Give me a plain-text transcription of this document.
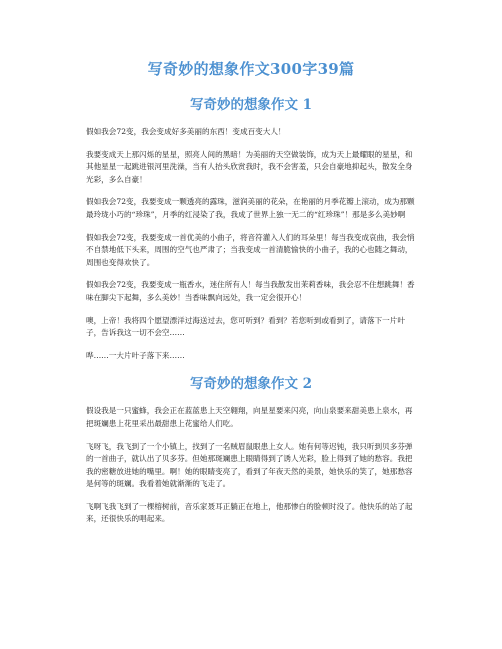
写奇妙的想象作文300字39篇
写奇妙的想象作文 1

假如我会72变，我会变成好多美丽的东西！变成百变大人！

我要变成天上那闪烁的星星，照亮人间的黑暗！为美丽的天空做装饰，成为天上最耀眼的星星，和其他星星一起跳进银河里洗澡，当有人抬头欣赏我时，我不会害羞，只会自豪地抑起头，散发全身光彩，多么自豪！

假如我会72变，我要变成一颗透亮的露珠，滋润美丽的花朵，在艳丽的月季花瓣上滚动，成为那颗最玲珑小巧的“珍珠”，月季的红浸染了我，我成了世界上独一无二的“红珍珠”！那是多么美妙啊

假如我会72变，我要变成一首优美的小曲子，将音符灌入人们的耳朵里！每当我变成哀曲，我会悄不自禁地低下头来，周围的空气也严肃了；当我变成一首清脆愉快的小曲子，我的心也随之舞动，周围也变得欢快了。

假如我会72变，我要变成一瓶香水，迷住所有人！每当我散发出茉莉香味，我会忍不住想跳舞！香味在脚尖下起舞，多么美妙！当香味飘向远处，我一定会很开心！

噢，上帝！我将四个愿望漂洋过海送过去，您可听到？看到？若您听到或看到了，请落下一片叶子，告诉我这一切不会空……

哗……一大片叶子落下来……

写奇妙的想象作文 2

假设我是一只蜜蜂，我会正在蓝蓝患上天空翱翔，向星星要来闪亮，向山泉要来甜美患上泉水，再把斑斓患上花里采出最甜患上花蜜给人们吃。

飞呀飞，我飞到了一个小镇上，找到了一名贼眉鼠眼患上女人。她有何等迟钝，我只听到贝多芬弹的一首曲子，就认出了贝多芬。但她那斑斓患上眼睛得到了诱人光彩，脸上得到了她的愁容。我把我的密糖放进她的嘴里。啊！她的眼睛变亮了，看到了年夜天然的美景，她快乐的笑了，她那愁容是何等的斑斓。我看着她就渐渐的飞走了。

飞啊飞我飞到了一棵榕树前，音乐家聂耳正躺正在地上，他那惨白的脸顿时没了。他快乐的站了起来，还很快乐的唱起来。
